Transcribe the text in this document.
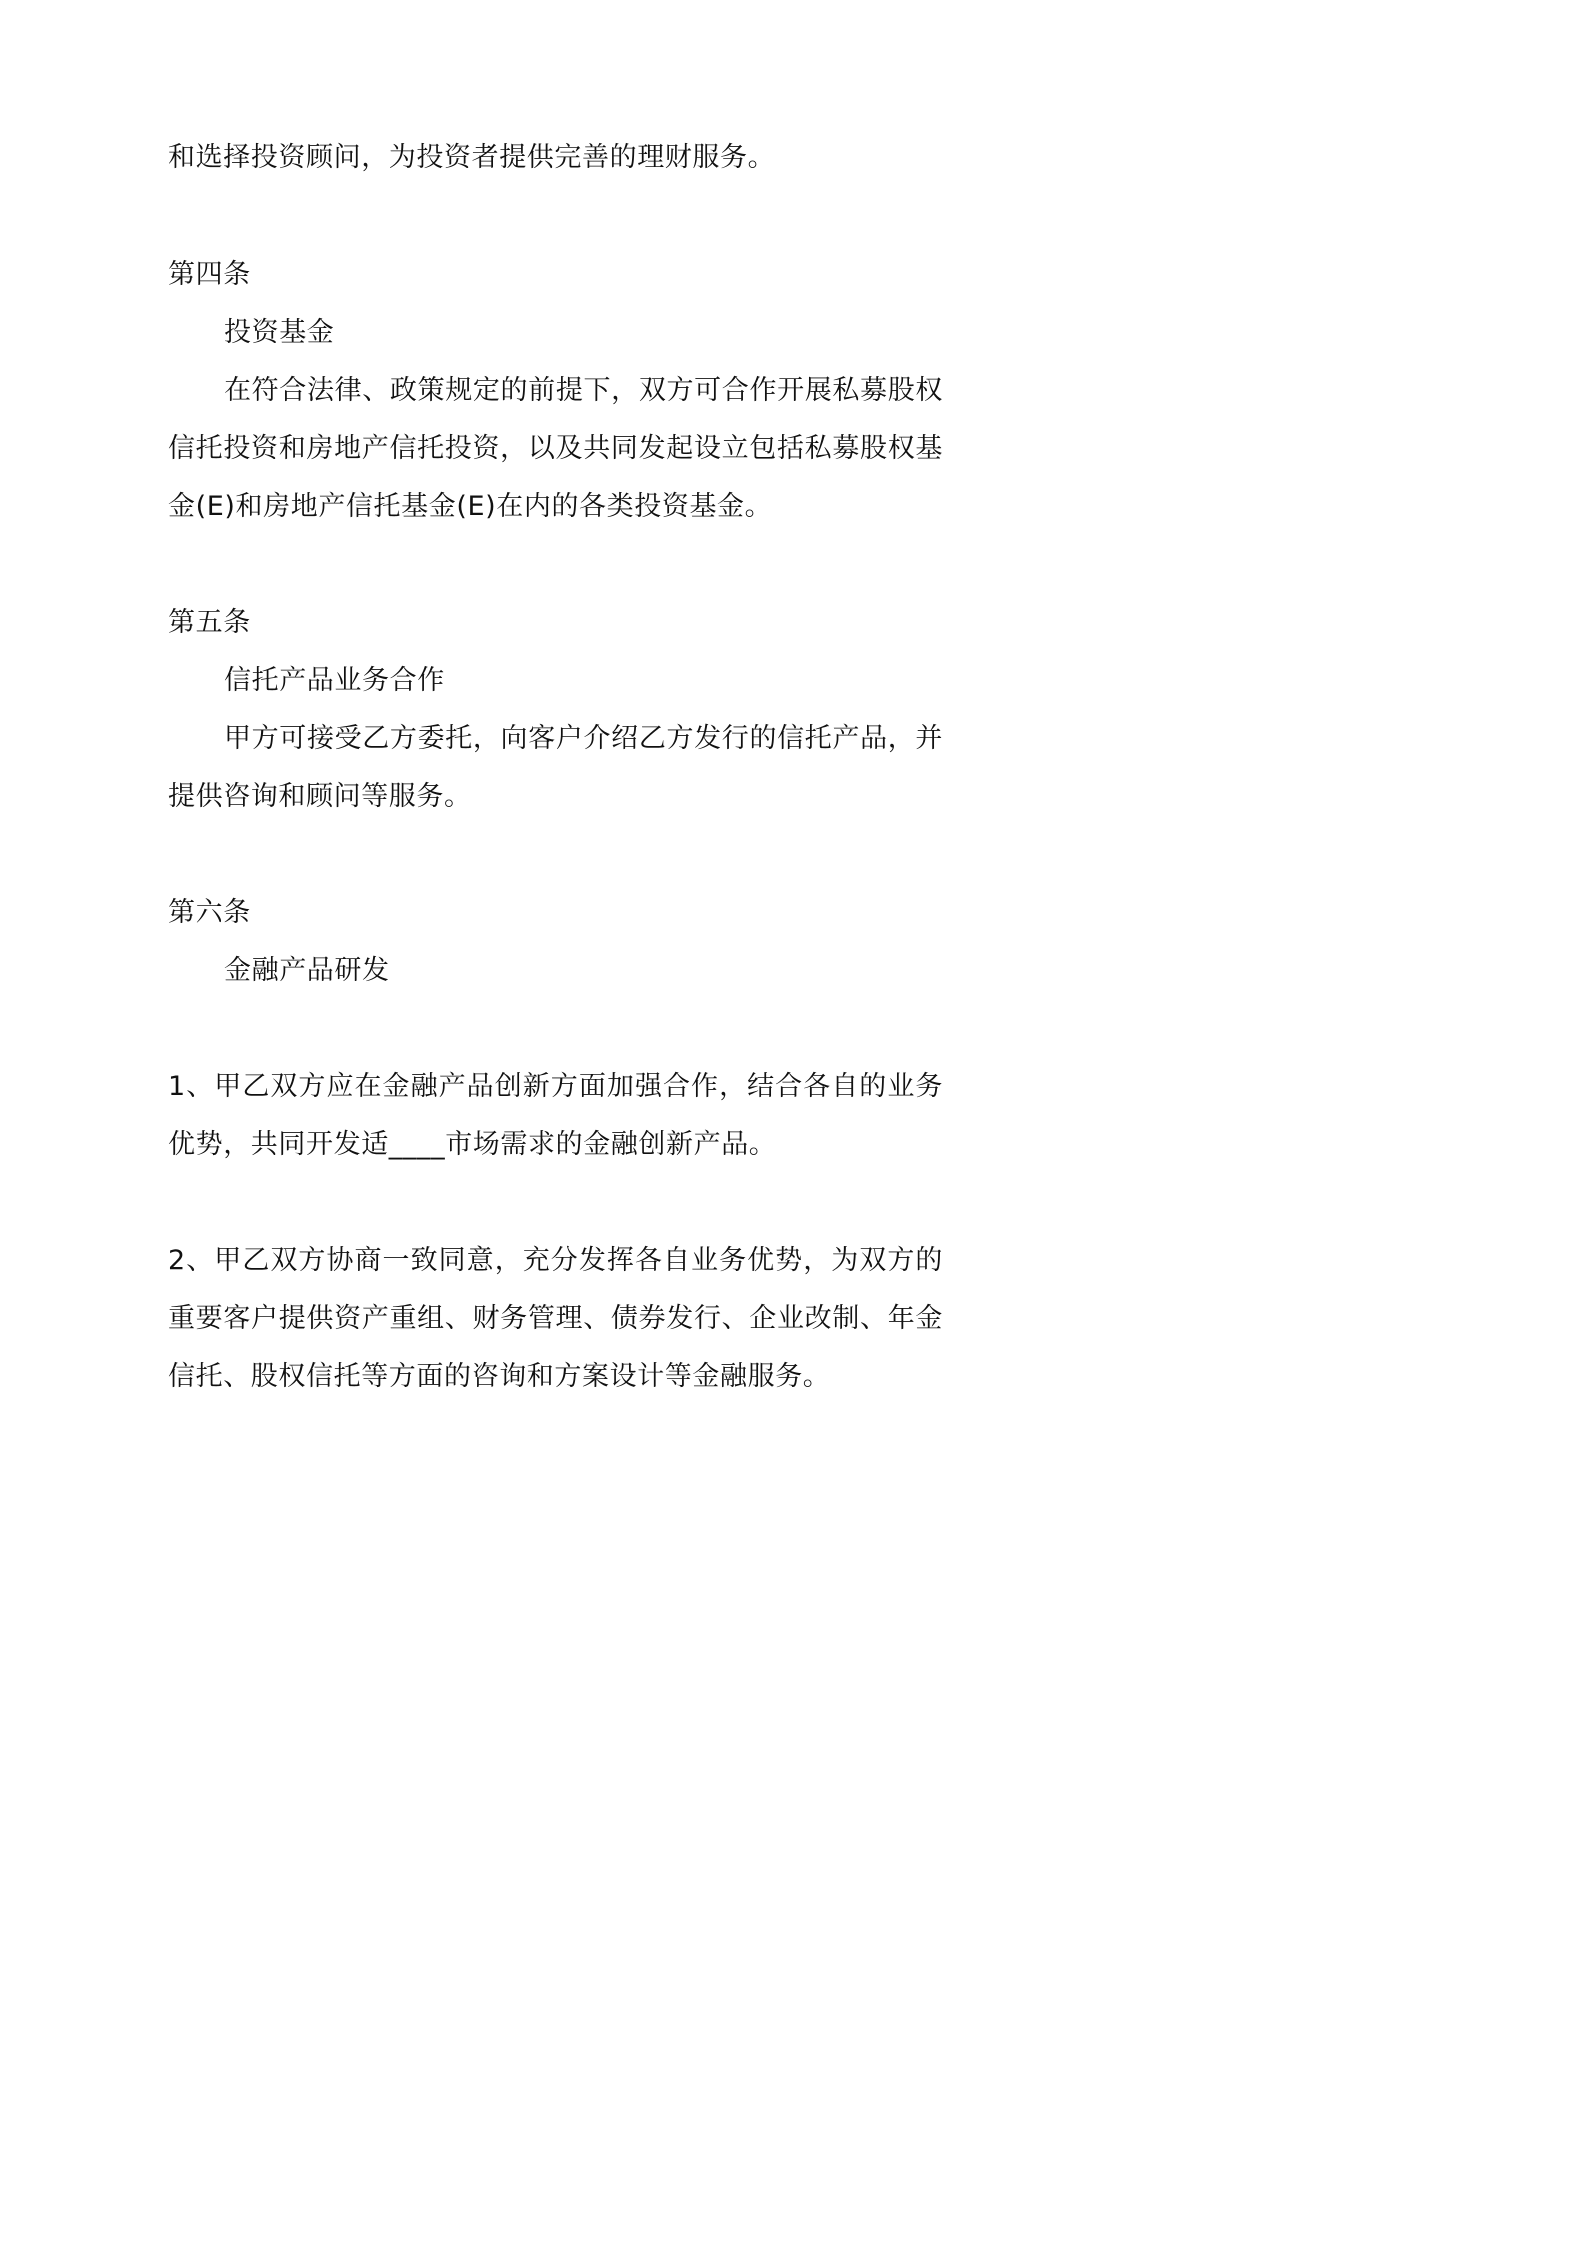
和选择投资顾问，为投资者提供完善的理财服务。
第四条
投资基金
在符合法律、政策规定的前提下，双方可合作开展私募股权
信托投资和房地产信托投资，以及共同发起设立包括私募股权基
金(E)和房地产信托基金(E)在内的各类投资基金。
第五条
信托产品业务合作
甲方可接受乙方委托，向客户介绍乙方发行的信托产品，并
提供咨询和顾问等服务。
第六条
金融产品研发
1、甲乙双方应在金融产品创新方面加强合作，结合各自的业务
优势，共同开发适____市场需求的金融创新产品。
2、甲乙双方协商一致同意，充分发挥各自业务优势，为双方的
重要客户提供资产重组、财务管理、债券发行、企业改制、年金
信托、股权信托等方面的咨询和方案设计等金融服务。
